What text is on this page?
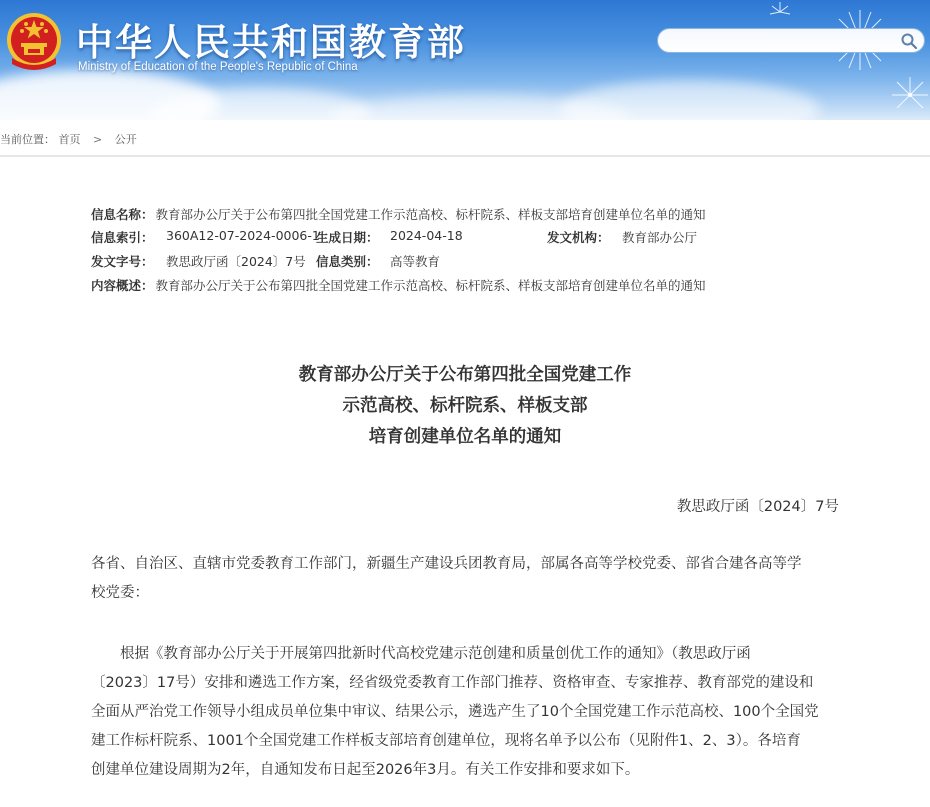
中华人民共和国教育部
Ministry of Education of the People's Republic of China
当前位置： 首页 > 公开
信息名称： 教育部办公厅关于公布第四批全国党建工作示范高校、标杆院系、样板支部培育创建单位名单的通知
信息索引： 360A12-07-2024-0006-1
生成日期： 2024-04-18	发文机构： 教育部办公厅
发文字号： 教思政厅函〔2024〕7号 信息类别： 高等教育
内容概述： 教育部办公厅关于公布第四批全国党建工作示范高校、标杆院系、样板支部培育创建单位名单的通知
教育部办公厅关于公布第四批全国党建工作
示范高校、标杆院系、样板支部
培育创建单位名单的通知
教思政厅函〔2024〕7号
各省、自治区、直辖市党委教育工作部门，新疆生产建设兵团教育局，部属各高等学校党委、部省合建各高等学
校党委：
　　根据《教育部办公厅关于开展第四批新时代高校党建示范创建和质量创优工作的通知》（教思政厅函
〔2023〕17号）安排和遴选工作方案，经省级党委教育工作部门推荐、资格审查、专家推荐、教育部党的建设和
全面从严治党工作领导小组成员单位集中审议、结果公示，遴选产生了10个全国党建工作示范高校、100个全国党
建工作标杆院系、1001个全国党建工作样板支部培育创建单位，现将名单予以公布（见附件1、2、3）。各培育
创建单位建设周期为2年，自通知发布日起至2026年3月。有关工作安排和要求如下。
